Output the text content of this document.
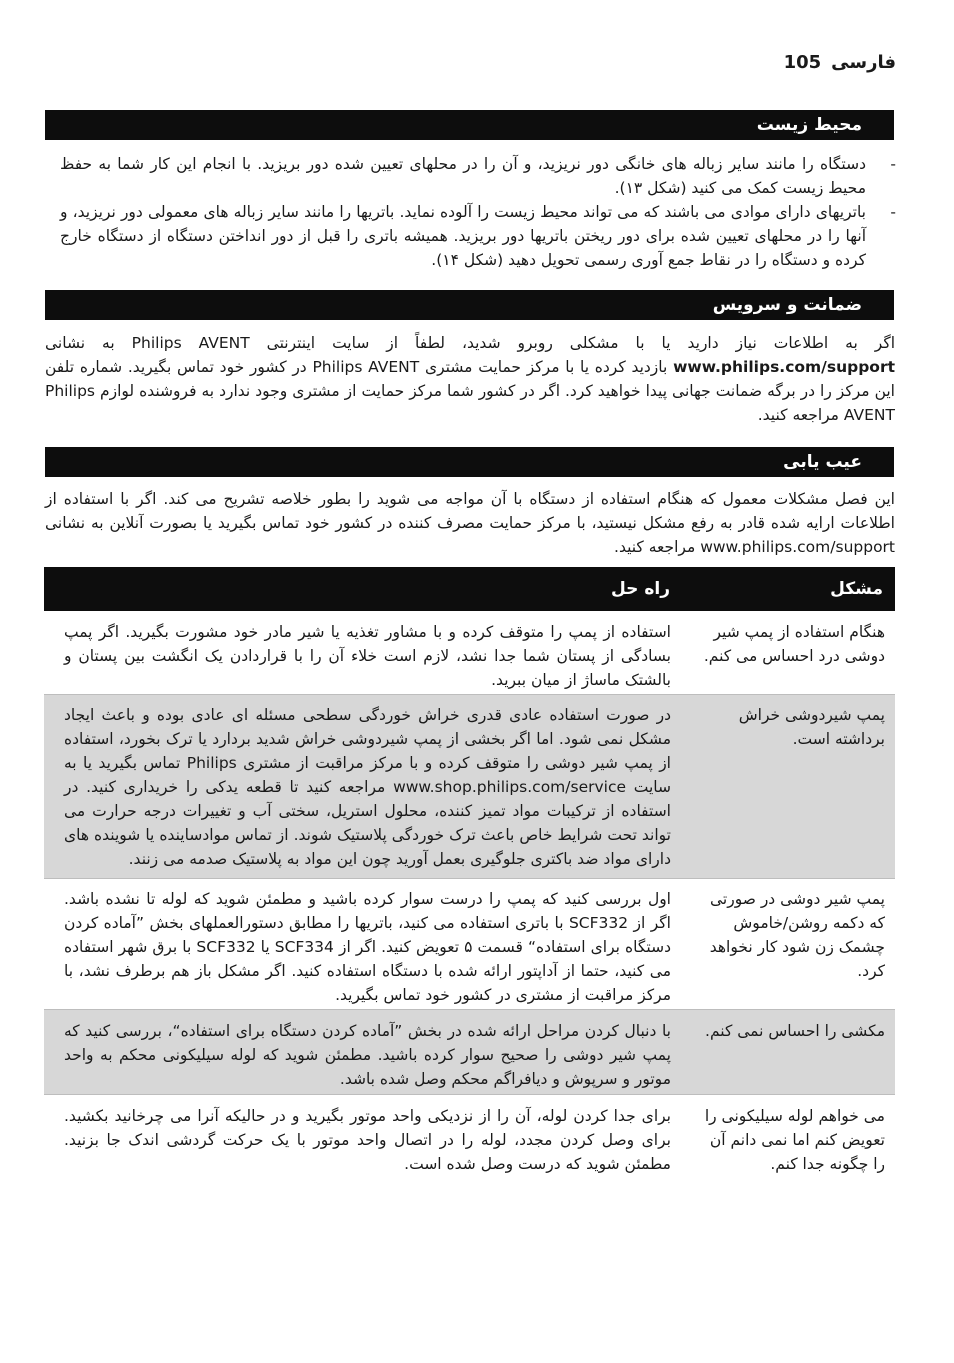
فارسی105
محیط زیست
-
دستگاه را مانند سایر زباله های خانگی دور نریزید، و آن را در محلهای تعیین شده دور بریزید. با انجام این کار شما به حفظ محیط زیست کمک می کنید (شکل ۱۳).
-
باتریهای دارای موادی می باشند که می تواند محیط زیست را آلوده نماید. باتریها را مانند سایر زباله های معمولی دور نریزید، و آنها را در محلهای تعیین شده برای دور ریختن باتریها دور بریزید. همیشه باتری را قبل از دور انداختن دستگاه از دستگاه خارج کرده و دستگاه را در نقاط جمع آوری رسمی تحویل دهید (شکل ۱۴).
ضمانت و سرویس
اگر به اطلاعات نیاز دارید یا با مشکلی روبرو شدید، لطفاً از سایت اینترنتی Philips AVENT به نشانی www.philips.com/support بازدید کرده یا با مرکز حمایت مشتری Philips AVENT در کشور خود تماس بگیرید. شماره تلفن این مرکز را در برگه ضمانت جهانی پیدا خواهید کرد. اگر در کشور شما مرکز حمایت از مشتری وجود ندارد به فروشنده لوازم Philips AVENT مراجعه کنید.
عیب یابی
این فصل مشکلات معمول که هنگام استفاده از دستگاه با آن مواجه می شوید را بطور خلاصه تشریح می کند. اگر با استفاده از اطلاعات ارایه شده قادر به رفع مشکل نیستید، با مرکز حمایت مصرف کننده در کشور خود تماس بگیرید یا بصورت آنلاین به نشانی www.philips.com/support مراجعه کنید.
مشکل
راه حل
هنگام استفاده از پمپ شیر دوشی درد احساس می کنم.
استفاده از پمپ را متوقف کرده و با مشاور تغذیه یا شیر مادر خود مشورت بگیرید. اگر پمپ بسادگی از پستان شما جدا نشد، لازم است خلاء آن را با قراردادن یک انگشت بین پستان و بالشتک ماساژ از میان ببرید.
پمپ شیردوشی خراش برداشته است.
در صورت استفاده عادی قدری خراش خوردگی سطحی مسئله ای عادی بوده و باعث ایجاد مشکل نمی شود. اما اگر بخشی از پمپ شیردوشی خراش شدید بردارد یا ترک بخورد، استفاده از پمپ شیر دوشی را متوقف کرده و با مرکز مراقبت از مشتری Philips تماس بگیرید یا به سایت www.shop.philips.com/service مراجعه کنید تا قطعه یدکی را خریداری کنید. در استفاده از ترکیبات مواد تمیز کننده، محلول استریل، سختی آب و تغییرات درجه حرارت می تواند تحت شرایط خاص باعث ترک خوردگی پلاستیک شوند. از تماس موادساینده یا شوینده های دارای مواد ضد باکتری جلوگیری بعمل آورید چون این مواد به پلاستیک صدمه می زنند.
پمپ شیر دوشی در صورتی که دکمه روشن/خاموش چشمک زن شود کار نخواهد کرد.
اول بررسی کنید که پمپ را درست سوار کرده باشید و مطمئن شوید که لوله تا نشده باشد. اگر از SCF332 با باتری استفاده می کنید، باتریها را مطابق دستورالعملهای بخش ”آماده کردن دستگاه برای استفاده“ قسمت ۵ تعویض کنید. اگر از SCF334 یا SCF332 با برق شهر استفاده می کنید، حتما از آداپتور ارائه شده با دستگاه استفاده کنید. اگر مشکل باز هم برطرف نشد، با مرکز مراقبت از مشتری در کشور خود تماس بگیرید.
مکشی را احساس نمی کنم.
با دنبال کردن مراحل ارائه شده در بخش ”آماده کردن دستگاه برای استفاده“، بررسی کنید که پمپ شیر دوشی را صحیح سوار کرده باشید. مطمئن شوید که لوله سیلیکونی محکم به واحد موتور و سرپوش و دیافراگم محکم وصل شده باشد.
می خواهم لوله سیلیکونی را تعویض کنم اما نمی دانم آن را چگونه جدا کنم.
برای جدا کردن لوله، آن را از نزدیکی واحد موتور بگیرید و در حالیکه آنرا می چرخانید بکشید. برای وصل کردن مجدد، لوله را در اتصال واحد موتور با یک حرکت گردشی اندک جا بزنید. مطمئن شوید که درست وصل شده است.
